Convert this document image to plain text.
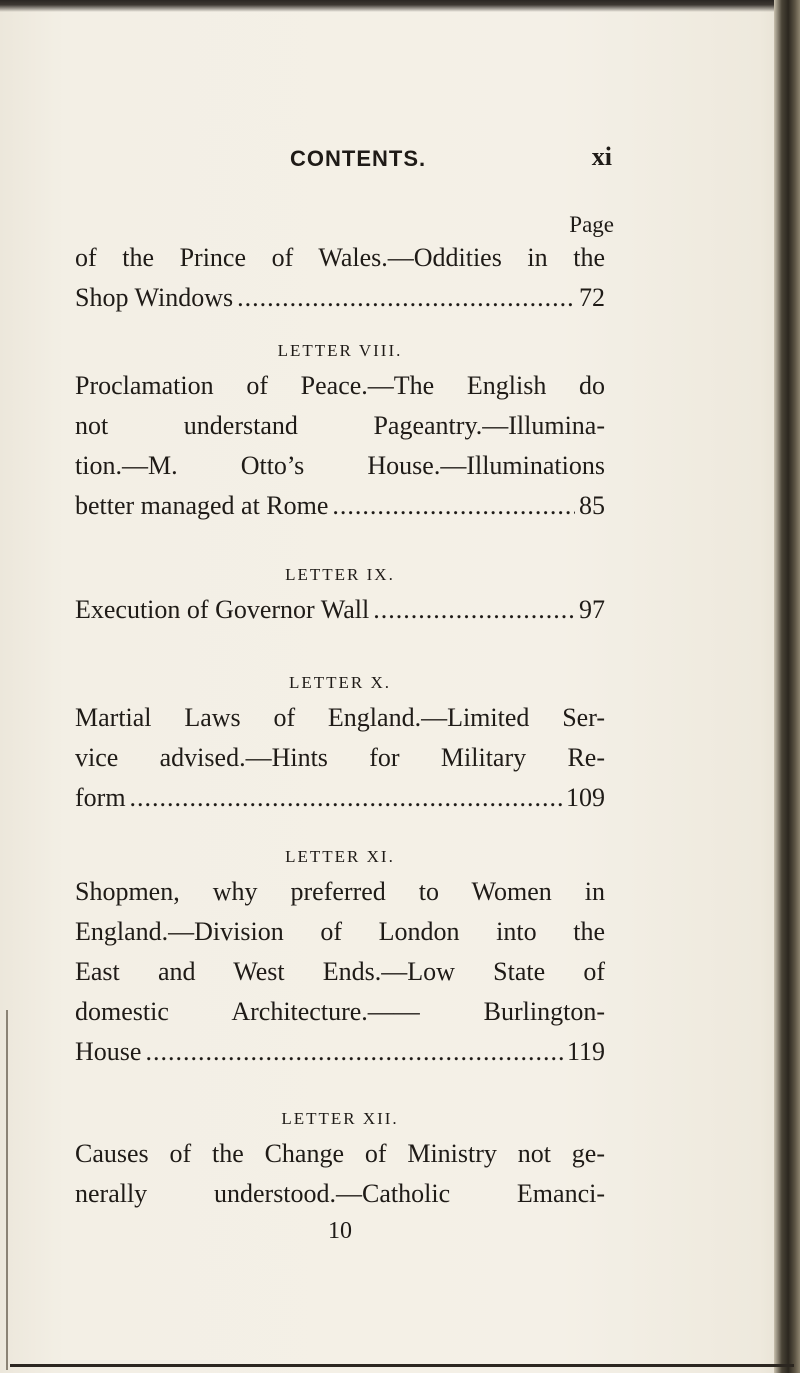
CONTENTS.	xi
Page
of the Prince of Wales.—Oddities in the
Shop Windows .....	72
LETTER VIII.
Proclamation of Peace.—The English do
not understand Pageantry.—Illumina-
tion.—M. Otto’s House.—Illuminations
better managed at Rome .....	85
LETTER IX.
Execution of Governor Wall .....	97
LETTER X.
Martial Laws of England.—Limited Ser-
vice advised.—Hints for Military Re-
form .....	109
LETTER XI.
Shopmen, why preferred to Women in
England.—Division of London into the
East and West Ends.—Low State of
domestic Architecture.—— Burlington-
House .....	119
LETTER XII.
Causes of the Change of Ministry not ge-
nerally understood.—Catholic Emanci-
10
